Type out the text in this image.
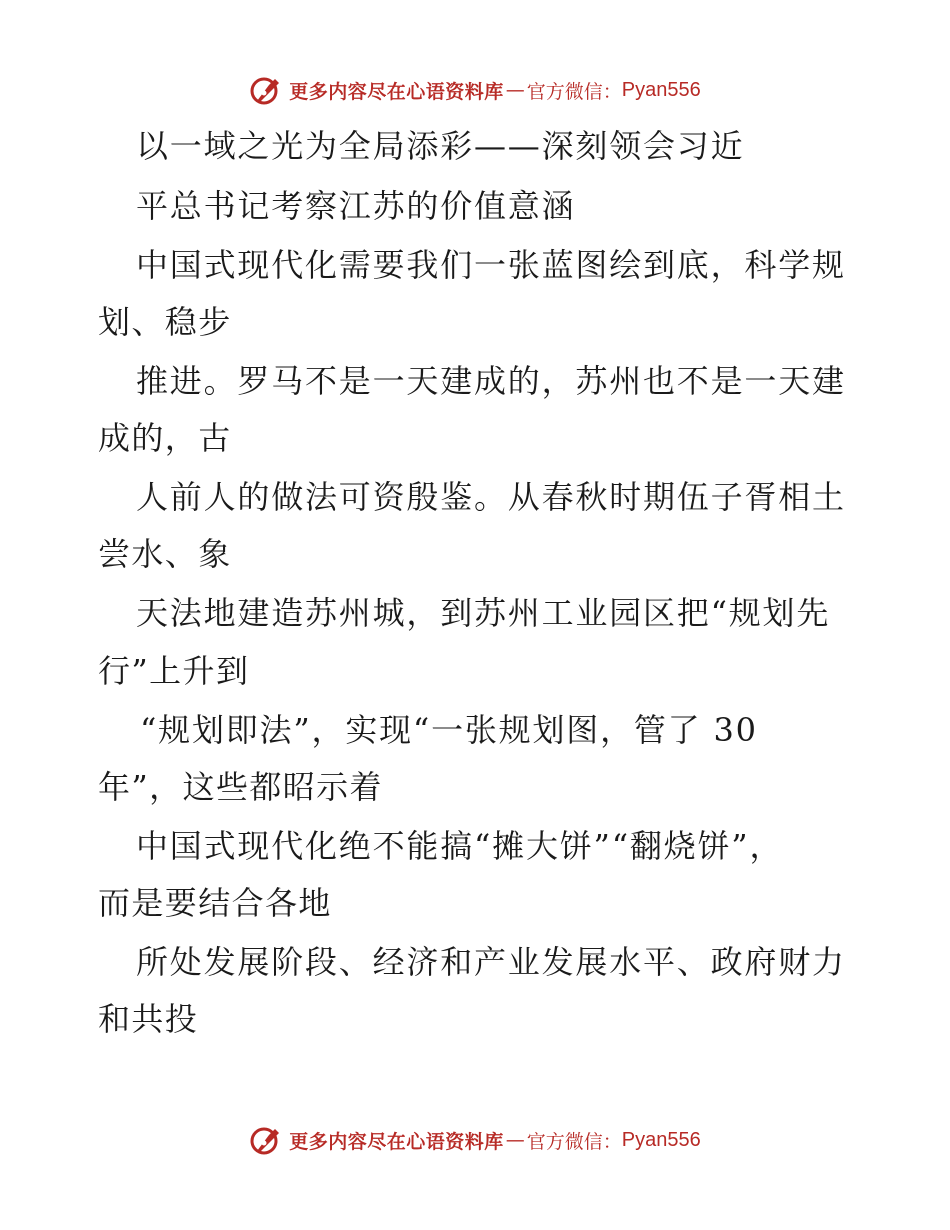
更多内容尽在心语资料库 — 官方微信： Pyan556
以一域之光为全局添彩——深刻领会习近
平总书记考察江苏的价值意涵
中国式现代化需要我们一张蓝图绘到底，科学规
划、稳步
推进。罗马不是一天建成的，苏州也不是一天建
成的，古
人前人的做法可资殷鉴。从春秋时期伍子胥相土
尝水、象
天法地建造苏州城，到苏州工业园区把“规划先
行”上升到
“规划即法”，实现“一张规划图，管了 30
年”，这些都昭示着
中国式现代化绝不能搞“摊大饼”“翻烧饼”，
而是要结合各地
所处发展阶段、经济和产业发展水平、政府财力
和共投
更多内容尽在心语资料库 — 官方微信： Pyan556
